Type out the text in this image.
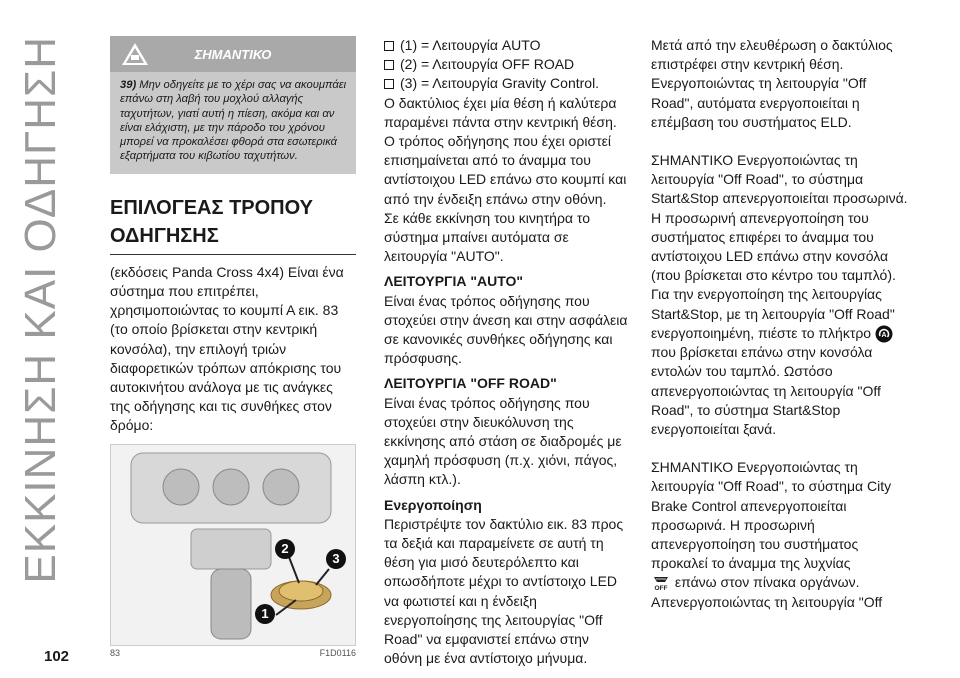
ΕΚΚΙΝΗΣΗ ΚΑΙ ΟΔΗΓΗΣΗ	ΣΗΜΑΝΤΙΚΟ
39) Μην οδηγείτε με το χέρι σας να ακουμπάει επάνω στη λαβή του μοχλού αλλαγής ταχυτήτων, γιατί αυτή η πίεση, ακόμα και αν είναι ελάχιστη, με την πάροδο του χρόνου μπορεί να προκαλέσει φθορά στα εσωτερικά εξαρτήματα του κιβωτίου ταχυτήτων.
ΕΠΙΛΟΓΕΑΣ ΤΡΟΠΟΥ
ΟΔΗΓΗΣΗΣ

(εκδόσεις Panda Cross 4x4) Είναι ένα σύστημα που επιτρέπει, χρησιμοποιώντας το κουμπί Α εικ. 83 (το οποίο βρίσκεται στην κεντρική κονσόλα), την επιλογή τριών διαφορετικών τρόπων απόκρισης του αυτοκινήτου ανάλογα με τις ανάγκες της οδήγησης και τις συνθήκες στον δρόμο:

1
2
3
83	F1D0116
(1) = Λειτουργία AUTO
(2) = Λειτουργία OFF ROAD
(3) = Λειτουργία Gravity Control.

Ο δακτύλιος έχει μία θέση ή καλύτερα παραμένει πάντα στην κεντρική θέση.

Ο τρόπος οδήγησης που έχει οριστεί επισημαίνεται από το άναμμα του αντίστοιχου LED επάνω στο κουμπί και από την ένδειξη επάνω στην οθόνη.

Σε κάθε εκκίνηση του κινητήρα το σύστημα μπαίνει αυτόματα σε λειτουργία "AUTO".

ΛΕΙΤΟΥΡΓΙΑ "AUTO"

Είναι ένας τρόπος οδήγησης που στοχεύει στην άνεση και στην ασφάλεια σε κανονικές συνθήκες οδήγησης και πρόσφυσης.

ΛΕΙΤΟΥΡΓΙΑ "OFF ROAD"

Είναι ένας τρόπος οδήγησης που στοχεύει στην διευκόλυνση της εκκίνησης από στάση σε διαδρομές με χαμηλή πρόσφυση (π.χ. χιόνι, πάγος, λάσπη κτλ.).

Ενεργοποίηση

Περιστρέψτε τον δακτύλιο εικ. 83 προς τα δεξιά και παραμείνετε σε αυτή τη θέση για μισό δευτερόλεπτο και οπωσδήποτε μέχρι το αντίστοιχο LED να φωτιστεί και η ένδειξη ενεργοποίησης της λειτουργίας "Off Road" να εμφανιστεί επάνω στην οθόνη με ένα αντίστοιχο μήνυμα.

Μετά από την ελευθέρωση ο δακτύλιος επιστρέφει στην κεντρική θέση.

Ενεργοποιώντας τη λειτουργία "Off Road", αυτόματα ενεργοποιείται η επέμβαση του συστήματος ELD.

ΣΗΜΑΝΤΙΚΟ Ενεργοποιώντας τη λειτουργία "Off Road", το σύστημα Start&Stop απενεργοποιείται προσωρινά. Η προσωρινή απενεργοποίηση του συστήματος επιφέρει το άναμμα του αντίστοιχου LED επάνω στην κονσόλα (που βρίσκεται στο κέντρο του ταμπλό). Για την ενεργοποίηση της λειτουργίας Start&Stop, με τη λειτουργία "Off Road" ενεργοποιημένη, πιέστε το πλήκτρο A
που βρίσκεται επάνω στην κονσόλα εντολών του ταμπλό. Ωστόσο απενεργοποιώντας τη λειτουργία "Off Road", το σύστημα Start&Stop ενεργοποιείται ξανά.

ΣΗΜΑΝΤΙΚΟ Ενεργοποιώντας τη λειτουργία "Off Road", το σύστημα City Brake Control απενεργοποιείται προσωρινά. Η προσωρινή απενεργοποίηση του συστήματος προκαλεί το άναμμα της λυχνίας

OFF επάνω στον πίνακα οργάνων.

Απενεργοποιώντας τη λειτουργία "Off

102
